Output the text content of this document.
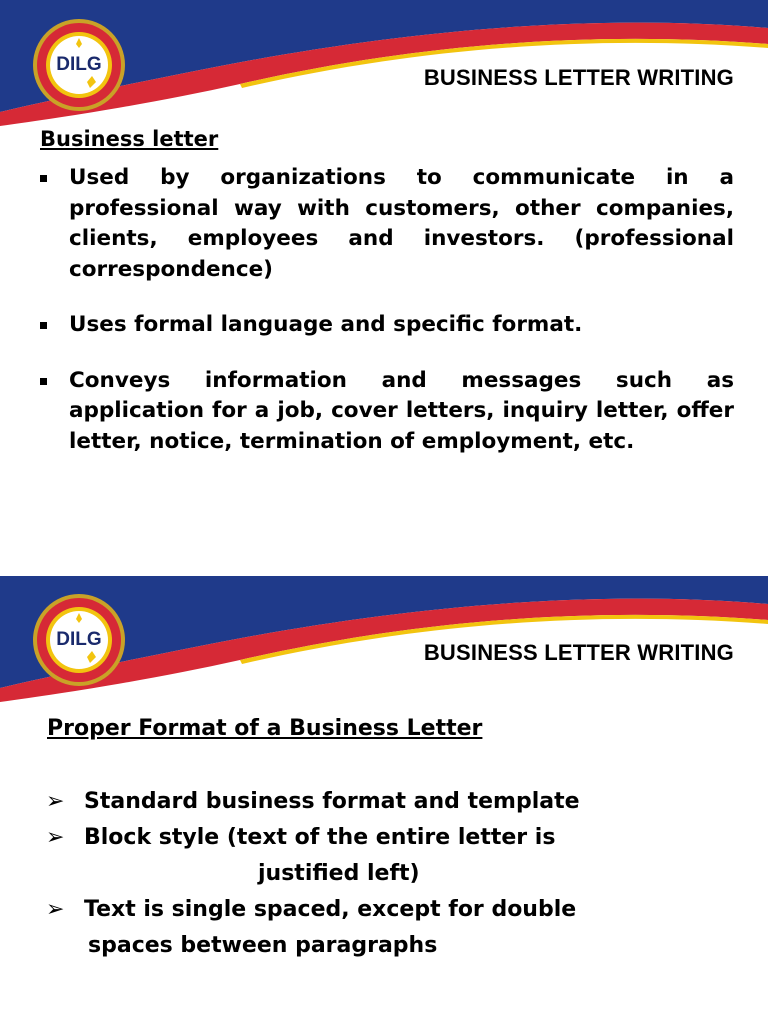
DILG
BUSINESS LETTER WRITING
Business letter
Used by organizations to communicate in a professional way with customers, other companies, clients, employees and investors. (professional correspondence)
Uses formal language and specific format.
Conveys information and messages such as application for a job, cover letters, inquiry letter, offer letter, notice, termination of employment, etc.
DILG
BUSINESS LETTER WRITING
Proper Format of a Business Letter
➢ Standard business format and template
➢ Block style (text of the entire letter is
justified left)
➢ Text is single spaced, except for double
spaces between paragraphs
